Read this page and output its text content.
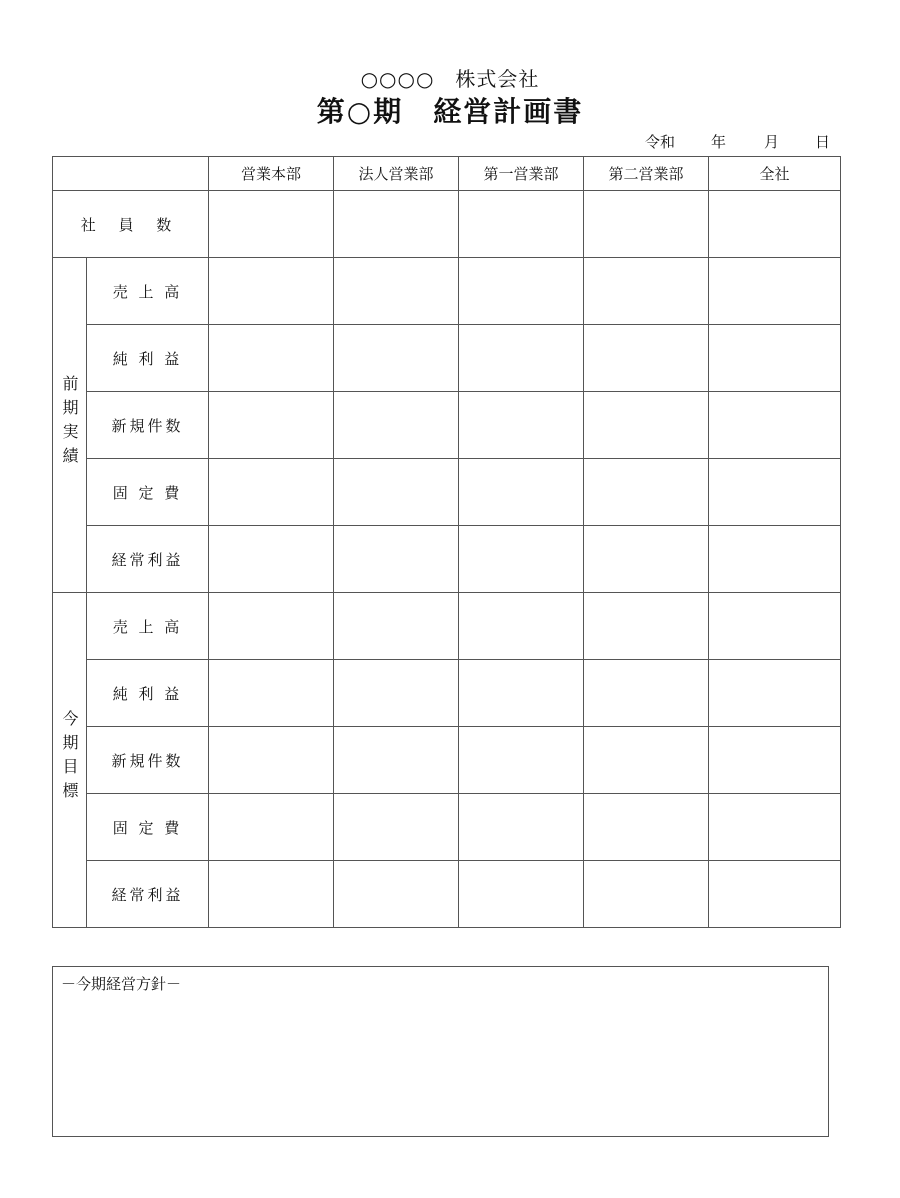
○○○○　株式会社
第○期　経営計画書
令和 年	月 日
		営業本部	法人営業部	第一営業部	第二営業部	全社
社 員 数						
前期実績	売 上 高					
	純 利 益					
	新規件数					
	固 定 費					
	経常利益					
今期目標	売 上 高					
	純 利 益					
	新規件数					
	固 定 費					
	経常利益					
－今期経営方針－
